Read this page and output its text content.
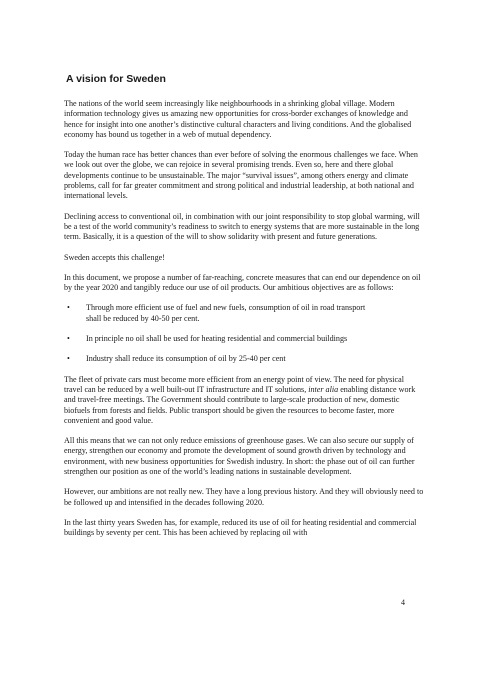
A vision for Sweden

The nations of the world seem increasingly like neighbourhoods in a shrinking global village. Modern information technology gives us amazing new opportunities for cross-border exchanges of knowledge and hence for insight into one another’s distinctive cultural characters and living conditions. And the globalised economy has bound us together in a web of mutual dependency.

Today the human race has better chances than ever before of solving the enormous challenges we face. When we look out over the globe, we can rejoice in several promising trends. Even so, here and there global developments continue to be unsustainable. The major “survival issues”, among others energy and climate problems, call for far greater commitment and strong political and industrial leadership, at both national and international levels.

Declining access to conventional oil, in combination with our joint responsibility to stop global warming, will be a test of the world community’s readiness to switch to energy systems that are more sustainable in the long term. Basically, it is a question of the will to show solidarity with present and future generations.

Sweden accepts this challenge!

In this document, we propose a number of far-reaching, concrete measures that can end our dependence on oil by the year 2020 and tangibly reduce our use of oil products. Our ambitious objectives are as follows:

• Through more efficient use of fuel and new fuels, consumption of oil in road transport
shall be reduced by 40-50 per cent.
• In principle no oil shall be used for heating residential and commercial buildings
• Industry shall reduce its consumption of oil by 25-40 per cent

The fleet of private cars must become more efficient from an energy point of view. The need for physical travel can be reduced by a well built-out IT infrastructure and IT solutions, inter alia enabling distance work and travel-free meetings. The Government should contribute to large-scale production of new, domestic biofuels from forests and fields. Public transport should be given the resources to become faster, more convenient and good value.

All this means that we can not only reduce emissions of greenhouse gases. We can also secure our supply of energy, strengthen our economy and promote the development of sound growth driven by technology and environment, with new business opportunities for Swedish industry. In short: the phase out of oil can further strengthen our position as one of the world’s leading nations in sustainable development.

However, our ambitions are not really new. They have a long previous history. And they will obviously need to be followed up and intensified in the decades following 2020.

In the last thirty years Sweden has, for example, reduced its use of oil for heating residential and commercial buildings by seventy per cent. This has been achieved by replacing oil with

4
